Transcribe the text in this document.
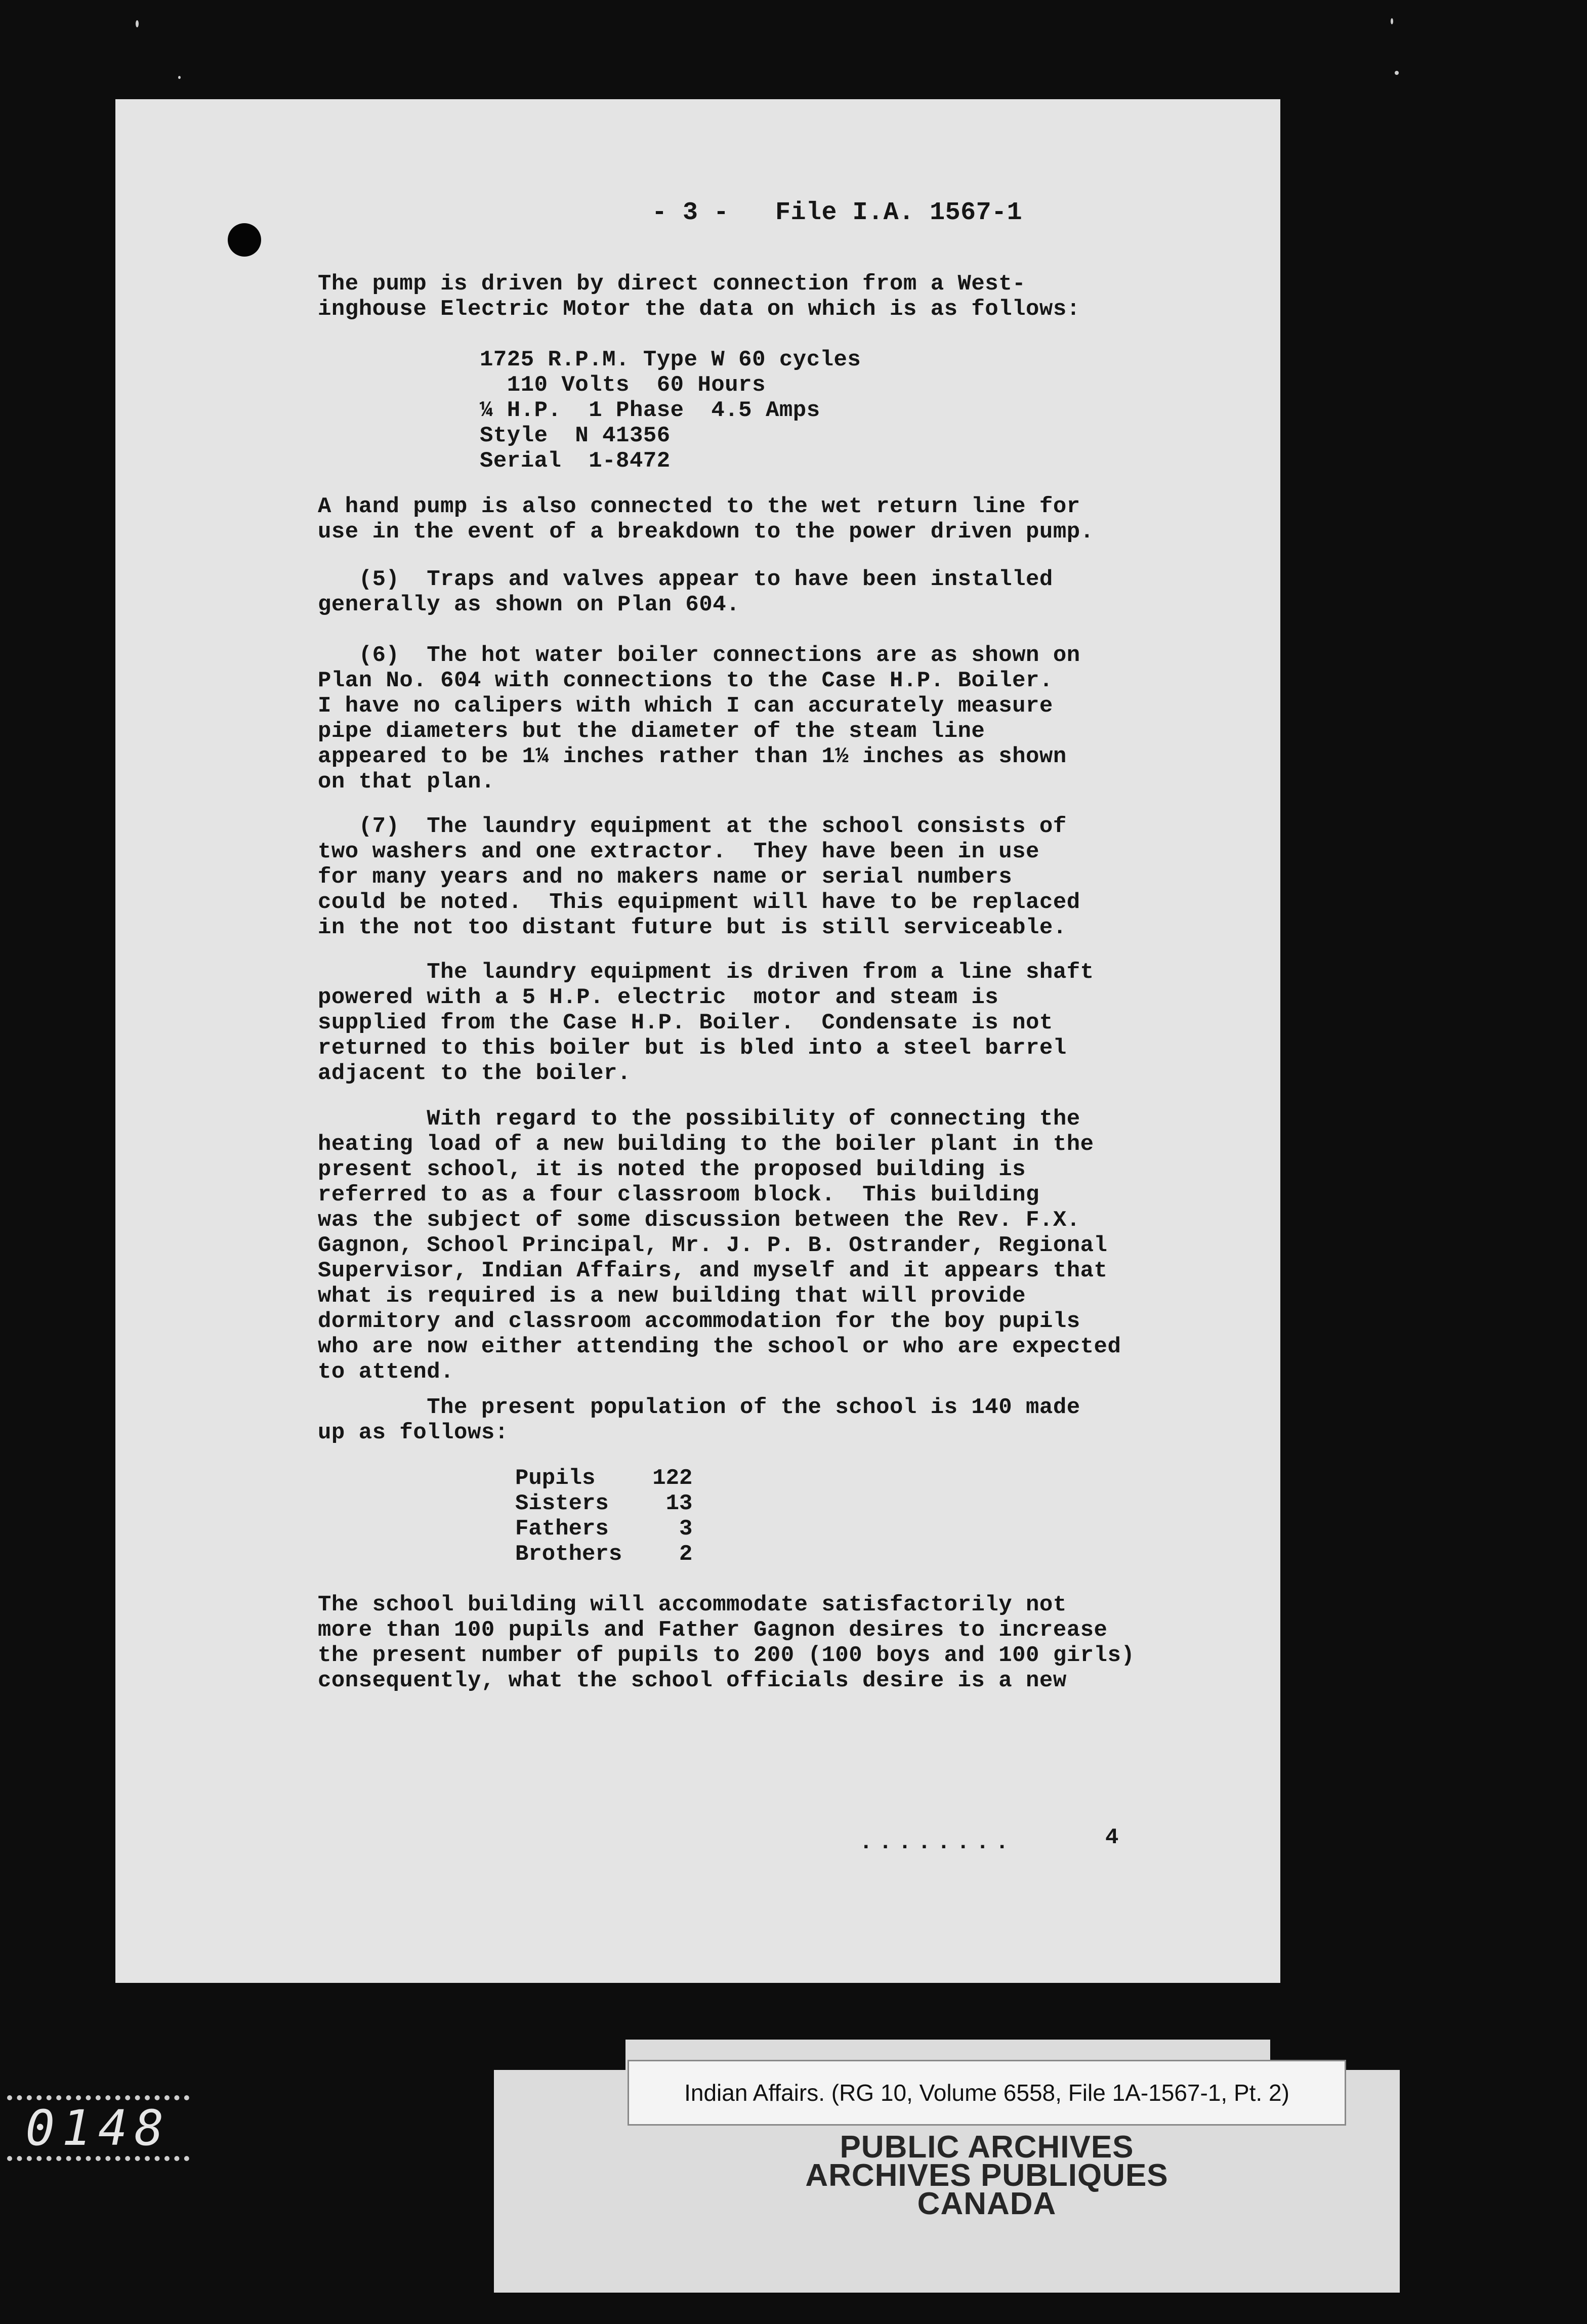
- 3 -   File I.A. 1567-1
The pump is driven by direct connection from a West-
inghouse Electric Motor the data on which is as follows:
1725 R.P.M. Type W 60 cycles
110 Volts  60 Hours
¼ H.P.  1 Phase  4.5 Amps
Style  N 41356
Serial  1-8472
A hand pump is also connected to the wet return line for
use in the event of a breakdown to the power driven pump.
(5)  Traps and valves appear to have been installed
generally as shown on Plan 604.
(6)  The hot water boiler connections are as shown on
Plan No. 604 with connections to the Case H.P. Boiler.
I have no calipers with which I can accurately measure
pipe diameters but the diameter of the steam line
appeared to be 1¼ inches rather than 1½ inches as shown
on that plan.
(7)  The laundry equipment at the school consists of
two washers and one extractor.  They have been in use
for many years and no makers name or serial numbers
could be noted.  This equipment will have to be replaced
in the not too distant future but is still serviceable.
The laundry equipment is driven from a line shaft
powered with a 5 H.P. electric  motor and steam is
supplied from the Case H.P. Boiler.  Condensate is not
returned to this boiler but is bled into a steel barrel
adjacent to the boiler.
With regard to the possibility of connecting the
heating load of a new building to the boiler plant in the
present school, it is noted the proposed building is
referred to as a four classroom block.  This building
was the subject of some discussion between the Rev. F.X.
Gagnon, School Principal, Mr. J. P. B. Ostrander, Regional
Supervisor, Indian Affairs, and myself and it appears that
what is required is a new building that will provide
dormitory and classroom accommodation for the boy pupils
who are now either attending the school or who are expected
to attend.
The present population of the school is 140 made
up as follows:
Pupils	122
Sisters	13
Fathers	3
Brothers	2
The school building will accommodate satisfactorily not
more than 100 pupils and Father Gagnon desires to increase
the present number of pupils to 200 (100 boys and 100 girls)
consequently, what the school officials desire is a new
........	4
0148
Indian Affairs. (RG 10, Volume 6558, File 1A-1567-1, Pt. 2)
PUBLIC ARCHIVES
ARCHIVES PUBLIQUES
CANADA
